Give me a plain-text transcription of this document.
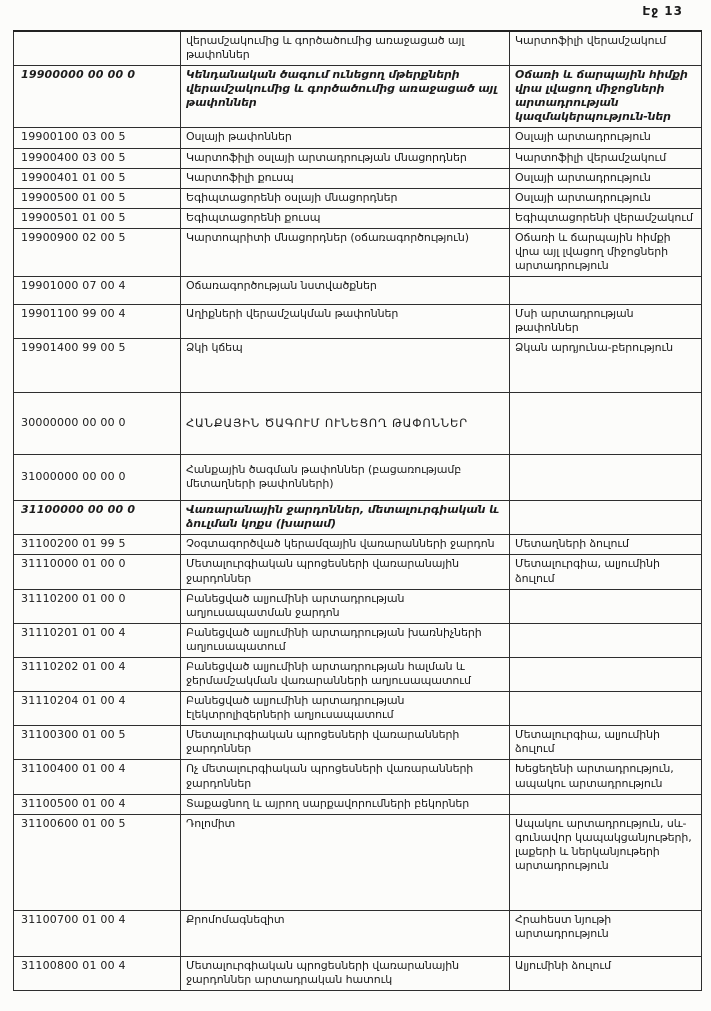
Էջ 13
	վերամշակումից և գործածումից առաջացած այլ թափոններ	Կարտոֆիլի վերամշակում
19900000 00 00 0	Կենդանական ծագում ունեցող մթերքների վերամշակումից և գործածումից առաջացած այլ թափոններ	Օճառի և ճարպային հիմքի վրա լվացող միջոցների արտադրության կազմակերպություն-ներ
19900100 03 00 5	Օսլայի թափոններ	Օսլայի արտադրություն
19900400 03 00 5	Կարտոֆիլի օսլայի արտադրության մնացորդներ	Կարտոֆիլի վերամշակում
19900401 01 00 5	Կարտոֆիլի քուսպ	Օսլայի արտադրություն
19900500 01 00 5	Եգիպտացորենի օսլայի մնացորդներ	Օսլայի արտադրություն
19900501 01 00 5	Եգիպտացորենի քուսպ	Եգիպտացորենի վերամշակում
19900900 02 00 5	Կարտոպրիտի մնացորդներ (օճառագործություն)	Օճառի և ճարպային հիմքի վրա այլ լվացող միջոցների արտադրություն
19901000 07 00 4	Օճառագործության նստվածքներ	
19901100 99 00 4	Աղիքների վերամշակման թափոններ	Մսի արտադրության թափոններ
19901400 99 00 5	Ձկի կճեպ	Ձկան արդյունա-բերություն
30000000 00 00 0	ՀԱՆՔԱՅԻՆ ԾԱԳՈՒՄ ՈՒՆԵՑՈՂ ԹԱՓՈՆՆԵՐ	
31000000 00 00 0	Հանքային ծագման թափոններ (բացառությամբ մետաղների թափոնների)	
31100000 00 00 0	Վառարանային ջարդոններ, մետալուրգիական և ձուլման կոքս (խարամ)	
31100200 01 99 5	Չօգտագործված կերամզային վառարանների ջարդոն	Մետաղների ձուլում
31110000 01 00 0	Մետալուրգիական պրոցեսների վառարանային ջարդոններ	Մետալուրգիա, ալյումինի ձուլում
31110200 01 00 0	Բանեցված ալյումինի արտադրության աղյուսապատման ջարդոն	
31110201 01 00 4	Բանեցված ալյումինի արտադրության խառնիչների աղյուսապատում	
31110202 01 00 4	Բանեցված ալյումինի արտադրության հալման և ջերմամշակման վառարանների աղյուսապատում	
31110204 01 00 4	Բանեցված ալյումինի արտադրության էլեկտրոլիզերների աղյուսապատում	
31100300 01 00 5	Մետալուրգիական պրոցեսների վառարանների ջարդոններ	Մետալուրգիա, ալյումինի ձուլում
31100400 01 00 4	Ոչ մետալուրգիական պրոցեսների վառարանների ջարդոններ	Խեցեղենի արտադրություն, ապակու արտադրություն
31100500 01 00 4	Տաքացնող և այրող սարքավորումների բեկորներ	
31100600 01 00 5	Դոլոմիտ	Ապակու արտադրություն, սև-գունավոր կապակցանյութերի, լաքերի և ներկանյութերի արտադրություն
31100700 01 00 4	Քրոմոմագնեզիտ	Հրահեստ նյութի արտադրություն
31100800 01 00 4	Մետալուրգիական պրոցեսների վառարանային ջարդոններ արտադրական հատուկ	Ալյումինի ձուլում
